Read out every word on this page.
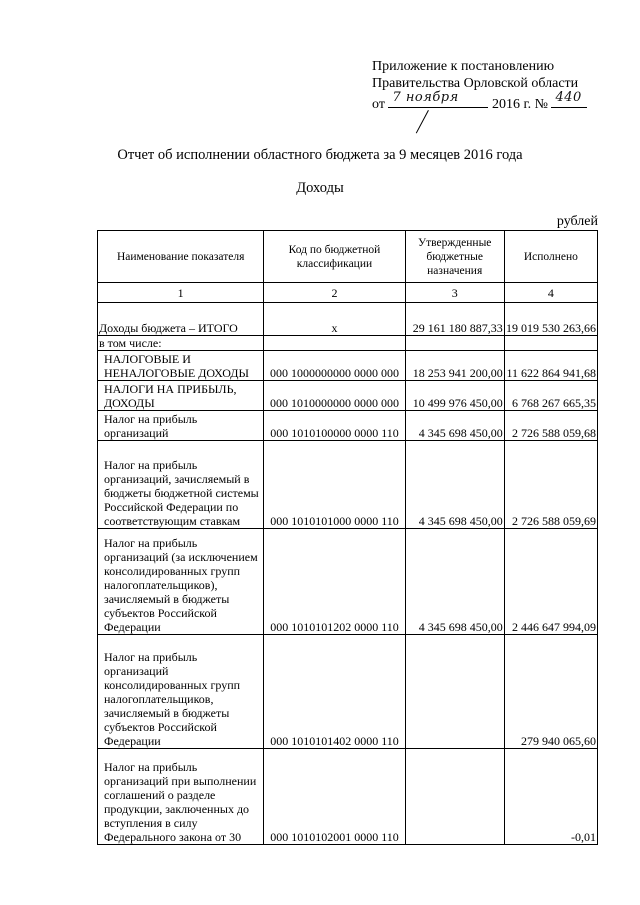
Приложение к постановлению
Правительства Орловской области
от 7 ноября 2016 г. № 440
Отчет об исполнении областного бюджета за 9 месяцев 2016 года
Доходы
рублей
Наименование показателя	Код по бюджетной классификации	Утвержденные бюджетные назначения	Исполнено
1	2	3	4
Доходы бюджета – ИТОГО	x	29 161 180 887,33	19 019 530 263,66
в том числе:			
НАЛОГОВЫЕ И НЕНАЛОГОВЫЕ ДОХОДЫ	000 1000000000 0000 000	18 253 941 200,00	11 622 864 941,68
НАЛОГИ НА ПРИБЫЛЬ, ДОХОДЫ	000 1010000000 0000 000	10 499 976 450,00	6 768 267 665,35
Налог на прибыль организаций	000 1010100000 0000 110	4 345 698 450,00	2 726 588 059,68
Налог на прибыль организаций, зачисляемый в бюджеты бюджетной системы Российской Федерации по соответствующим ставкам	000 1010101000 0000 110	4 345 698 450,00	2 726 588 059,69
Налог на прибыль организаций (за исключением консолидированных групп налогоплательщиков), зачисляемый в бюджеты субъектов Российской Федерации	000 1010101202 0000 110	4 345 698 450,00	2 446 647 994,09
Налог на прибыль организаций консолидированных групп налогоплательщиков, зачисляемый в бюджеты субъектов Российской Федерации	000 1010101402 0000 110		279 940 065,60
Налог на прибыль организаций при выполнении соглашений о разделе продукции, заключенных до вступления в силу Федерального закона от 30	000 1010102001 0000 110		-0,01
